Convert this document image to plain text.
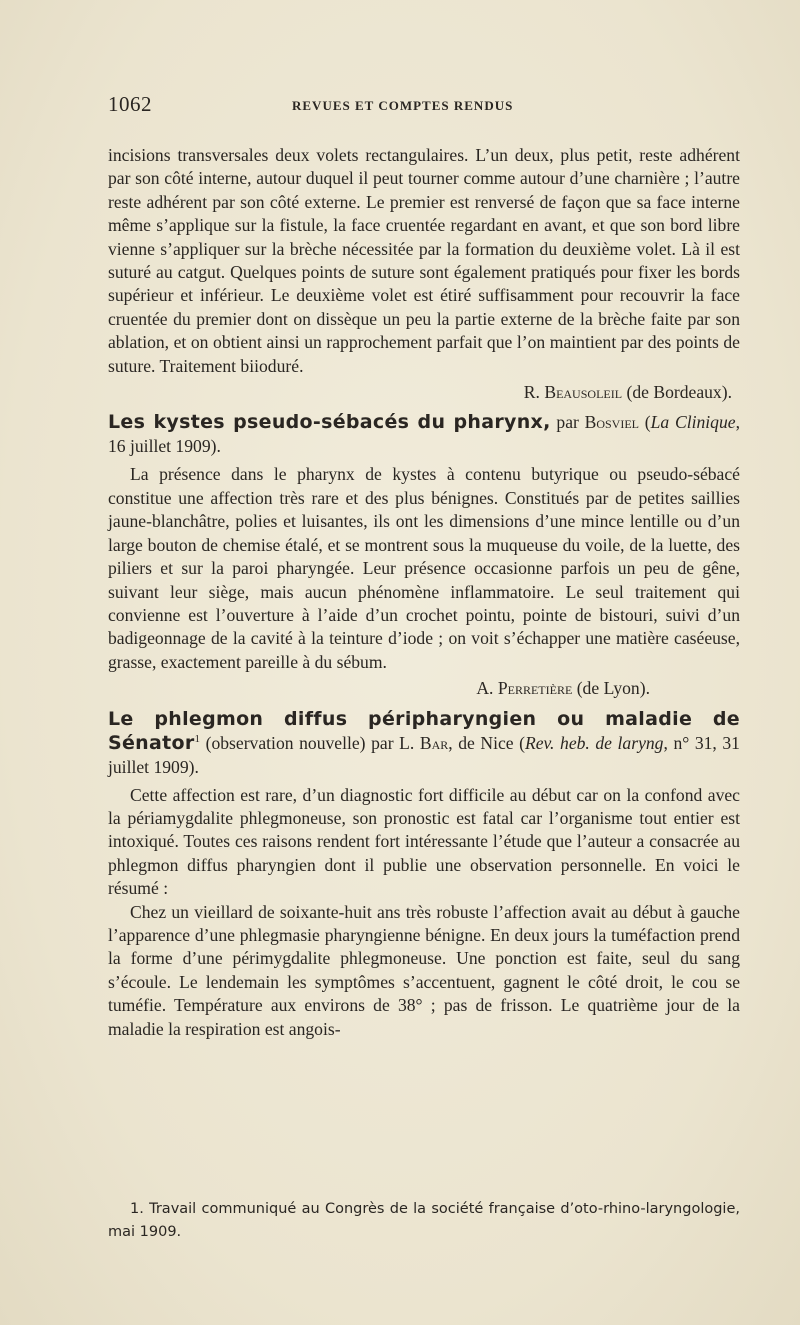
1062	REVUES ET COMPTES RENDUS

incisions transversales deux volets rectangulaires. L’un deux, plus petit, reste adhérent par son côté interne, autour duquel il peut tourner comme autour d’une charnière ; l’autre reste adhérent par son côté externe. Le premier est renversé de façon que sa face interne même s’applique sur la fistule, la face cruentée regardant en avant, et que son bord libre vienne s’appliquer sur la brèche nécessitée par la formation du deuxième volet. Là il est suturé au catgut. Quelques points de suture sont également pratiqués pour fixer les bords supérieur et inférieur. Le deuxième volet est étiré suffisamment pour recouvrir la face cruentée du premier dont on dissèque un peu la partie externe de la brèche faite par son ablation, et on obtient ainsi un rapprochement parfait que l’on maintient par des points de suture. Traitement biioduré.

R. Beausoleil (de Bordeaux).

Les kystes pseudo-sébacés du pharynx, par Bosviel (La Clinique, 16 juillet 1909).

La présence dans le pharynx de kystes à contenu butyrique ou pseudo-sébacé constitue une affection très rare et des plus bénignes. Constitués par de petites saillies jaune-blanchâtre, polies et luisantes, ils ont les dimensions d’une mince lentille ou d’un large bouton de chemise étalé, et se montrent sous la muqueuse du voile, de la luette, des piliers et sur la paroi pharyngée. Leur présence occasionne parfois un peu de gêne, suivant leur siège, mais aucun phénomène inflammatoire. Le seul traitement qui convienne est l’ouverture à l’aide d’un crochet pointu, pointe de bistouri, suivi d’un badigeonnage de la cavité à la teinture d’iode ; on voit s’échapper une matière caséeuse, grasse, exactement pareille à du sébum.

A. Perretière (de Lyon).

Le phlegmon diffus péripharyngien ou maladie de Sénator$^1$ (observation nouvelle) par L. Bar, de Nice (Rev. heb. de laryng, n° 31, 31 juillet 1909).

Cette affection est rare, d’un diagnostic fort difficile au début car on la confond avec la périamygdalite phlegmoneuse, son pronostic est fatal car l’organisme tout entier est intoxiqué. Toutes ces raisons rendent fort intéressante l’étude que l’auteur a consacrée au phlegmon diffus pharyngien dont il publie une observation personnelle. En voici le résumé :

Chez un vieillard de soixante-huit ans très robuste l’affection avait au début à gauche l’apparence d’une phlegmasie pharyngienne bénigne. En deux jours la tuméfaction prend la forme d’une périmygdalite phlegmoneuse. Une ponction est faite, seul du sang s’écoule. Le lendemain les symptômes s’accentuent, gagnent le côté droit, le cou se tuméfie. Température aux environs de 38° ; pas de frisson. Le quatrième jour de la maladie la respiration est angois-

1. Travail communiqué au Congrès de la société française d’oto-rhino-laryngologie, mai 1909.
